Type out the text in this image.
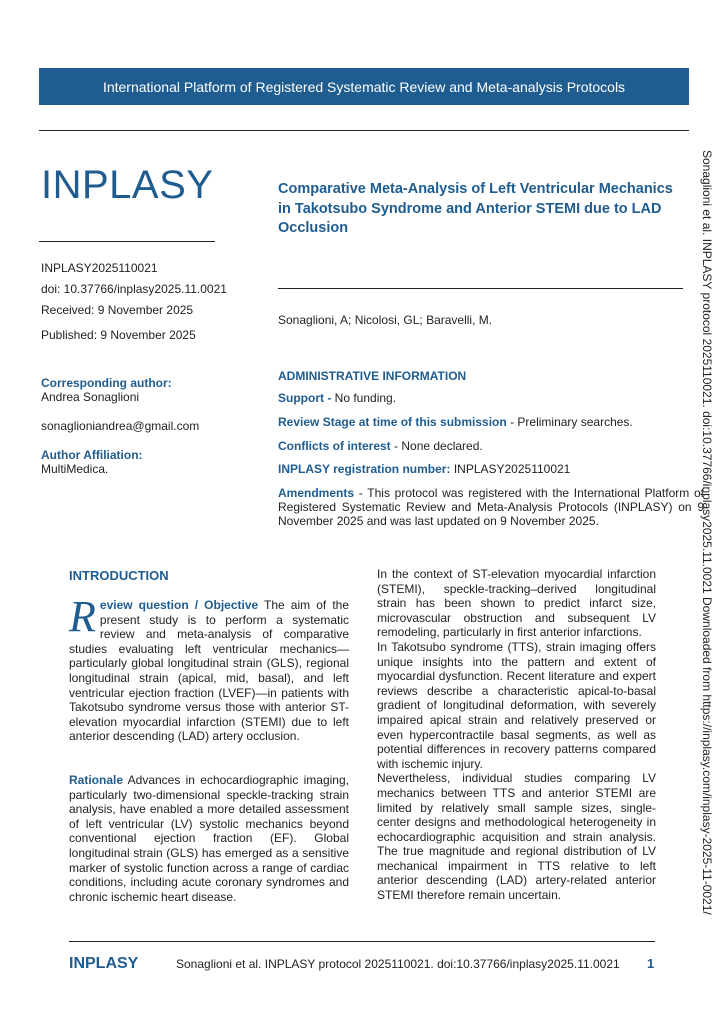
International Platform of Registered Systematic Review and Meta-analysis Protocols
INPLASY
INPLASY2025110021
doi: 10.37766/inplasy2025.11.0021
Received: 9 November 2025
Published: 9 November 2025
Corresponding author:
Andrea Sonaglioni
sonaglioniandrea@gmail.com
Author Affiliation:
MultiMedica.
Comparative Meta-Analysis of Left Ventricular Mechanics in Takotsubo Syndrome and Anterior STEMI due to LAD Occlusion
Sonaglioni, A; Nicolosi, GL; Baravelli, M.
ADMINISTRATIVE INFORMATION
Support - No funding.
Review Stage at time of this submission - Preliminary searches.
Conflicts of interest - None declared.
INPLASY registration number: INPLASY2025110021
Amendments - This protocol was registered with the International Platform of Registered Systematic Review and Meta-Analysis Protocols (INPLASY) on 9 November 2025 and was last updated on 9 November 2025.
INTRODUCTION
Review question / Objective The aim of the present study is to perform a systematic review and meta-analysis of comparative studies evaluating left ventricular mechanics—particularly global longitudinal strain (GLS), regional longitudinal strain (apical, mid, basal), and left ventricular ejection fraction (LVEF)—in patients with Takotsubo syndrome versus those with anterior ST-elevation myocardial infarction (STEMI) due to left anterior descending (LAD) artery occlusion.
Rationale Advances in echocardiographic imaging, particularly two-dimensional speckle-tracking strain analysis, have enabled a more detailed assessment of left ventricular (LV) systolic mechanics beyond conventional ejection fraction (EF). Global longitudinal strain (GLS) has emerged as a sensitive marker of systolic function across a range of cardiac conditions, including acute coronary syndromes and chronic ischemic heart disease.
In the context of ST-elevation myocardial infarction (STEMI), speckle-tracking–derived longitudinal strain has been shown to predict infarct size, microvascular obstruction and subsequent LV remodeling, particularly in first anterior infarctions.
In Takotsubo syndrome (TTS), strain imaging offers unique insights into the pattern and extent of myocardial dysfunction. Recent literature and expert reviews describe a characteristic apical-to-basal gradient of longitudinal deformation, with severely impaired apical strain and relatively preserved or even hypercontractile basal segments, as well as potential differences in recovery patterns compared with ischemic injury.
Nevertheless, individual studies comparing LV mechanics between TTS and anterior STEMI are limited by relatively small sample sizes, single-center designs and methodological heterogeneity in echocardiographic acquisition and strain analysis. The true magnitude and regional distribution of LV mechanical impairment in TTS relative to left anterior descending (LAD) artery-related anterior STEMI therefore remain uncertain.	Sonaglioni et al. INPLASY protocol 2025110021. doi:10.37766/inplasy2025.11.0021 Downloaded from https://inplasy.com/inplasy-2025-11-0021/
INPLASY	Sonaglioni et al. INPLASY protocol 2025110021. doi:10.37766/inplasy2025.11.0021 1
